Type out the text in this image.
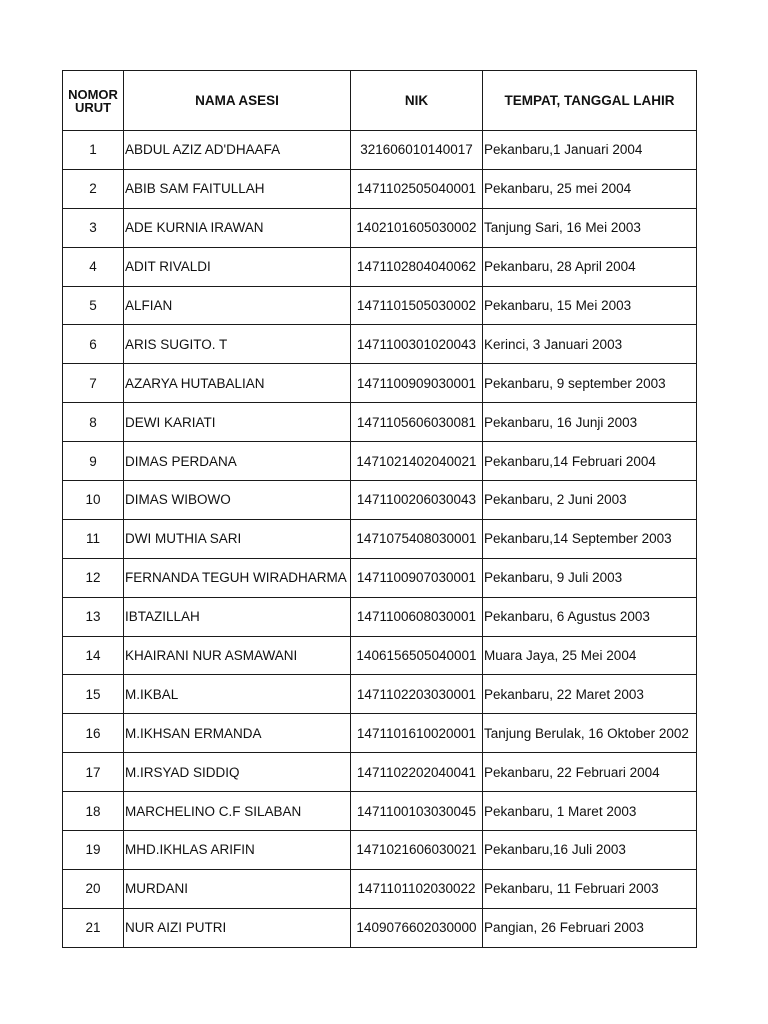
NOMOR
URUT	NAMA ASESI	NIK	TEMPAT, TANGGAL LAHIR
1	ABDUL AZIZ AD'DHAAFA	321606010140017	Pekanbaru,1 Januari 2004
2	ABIB SAM FAITULLAH	1471102505040001	Pekanbaru, 25 mei 2004
3	ADE KURNIA IRAWAN	1402101605030002	Tanjung Sari, 16 Mei 2003
4	ADIT RIVALDI	1471102804040062	Pekanbaru, 28 April 2004
5	ALFIAN	1471101505030002	Pekanbaru, 15 Mei 2003
6	ARIS SUGITO. T	1471100301020043	Kerinci, 3 Januari 2003
7	AZARYA HUTABALIAN	1471100909030001	Pekanbaru, 9 september 2003
8	DEWI KARIATI	1471105606030081	Pekanbaru, 16 Junji 2003
9	DIMAS PERDANA	1471021402040021	Pekanbaru,14 Februari 2004
10	DIMAS WIBOWO	1471100206030043	Pekanbaru, 2 Juni 2003
11	DWI MUTHIA SARI	1471075408030001	Pekanbaru,14 September 2003
12	FERNANDA TEGUH WIRADHARMA	1471100907030001	Pekanbaru, 9 Juli 2003
13	IBTAZILLAH	1471100608030001	Pekanbaru, 6 Agustus 2003
14	KHAIRANI NUR ASMAWANI	1406156505040001	Muara Jaya, 25 Mei 2004
15	M.IKBAL	1471102203030001	Pekanbaru, 22 Maret 2003
16	M.IKHSAN ERMANDA	1471101610020001	Tanjung Berulak, 16 Oktober 2002
17	M.IRSYAD SIDDIQ	1471102202040041	Pekanbaru, 22 Februari 2004
18	MARCHELINO C.F SILABAN	1471100103030045	Pekanbaru, 1 Maret 2003
19	MHD.IKHLAS ARIFIN	1471021606030021	Pekanbaru,16 Juli 2003
20	MURDANI	1471101102030022	Pekanbaru, 11 Februari 2003
21	NUR AIZI PUTRI	1409076602030000	Pangian, 26 Februari 2003
